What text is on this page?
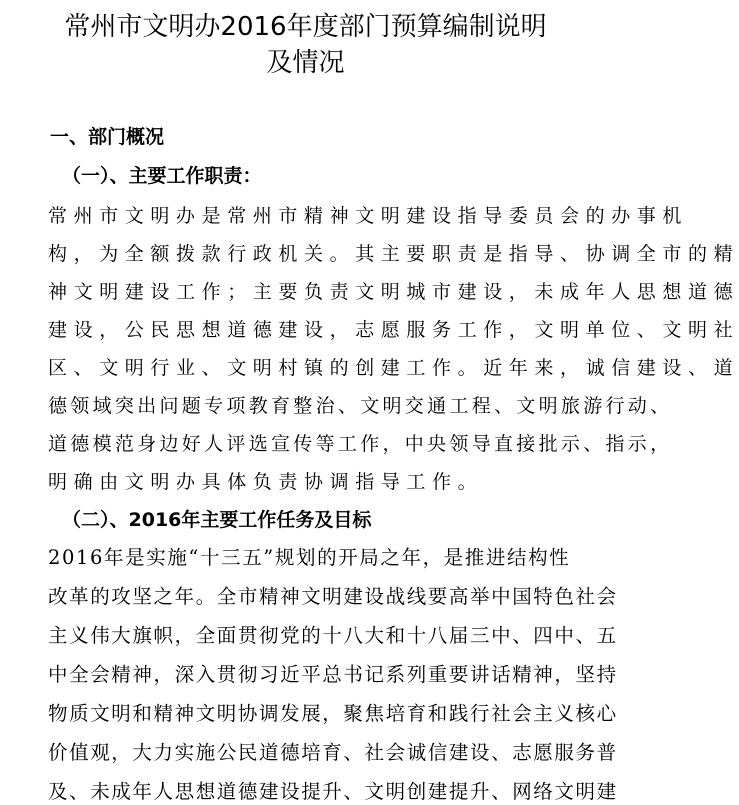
常州市文明办2016年度部门预算编制说明
及情况
一、部门概况
（一）、主要工作职责：
常州市文明办是常州市精神文明建设指导委员会的办事机
构，为全额拨款行政机关。其主要职责是指导、协调全市的精
神文明建设工作；主要负责文明城市建设，未成年人思想道德
建设，公民思想道德建设，志愿服务工作，文明单位、文明社
区、文明行业、文明村镇的创建工作。近年来，诚信建设、道
德领域突出问题专项教育整治、文明交通工程、文明旅游行动、
道德模范身边好人评选宣传等工作，中央领导直接批示、指示，
明确由文明办具体负责协调指导工作。
（二）、2016年主要工作任务及目标
2016年是实施“十三五”规划的开局之年，是推进结构性
改革的攻坚之年。全市精神文明建设战线要高举中国特色社会
主义伟大旗帜，全面贯彻党的十八大和十八届三中、四中、五
中全会精神，深入贯彻习近平总书记系列重要讲话精神，坚持
物质文明和精神文明协调发展，聚焦培育和践行社会主义核心
价值观，大力实施公民道德培育、社会诚信建设、志愿服务普
及、未成年人思想道德建设提升、文明创建提升、网络文明建
